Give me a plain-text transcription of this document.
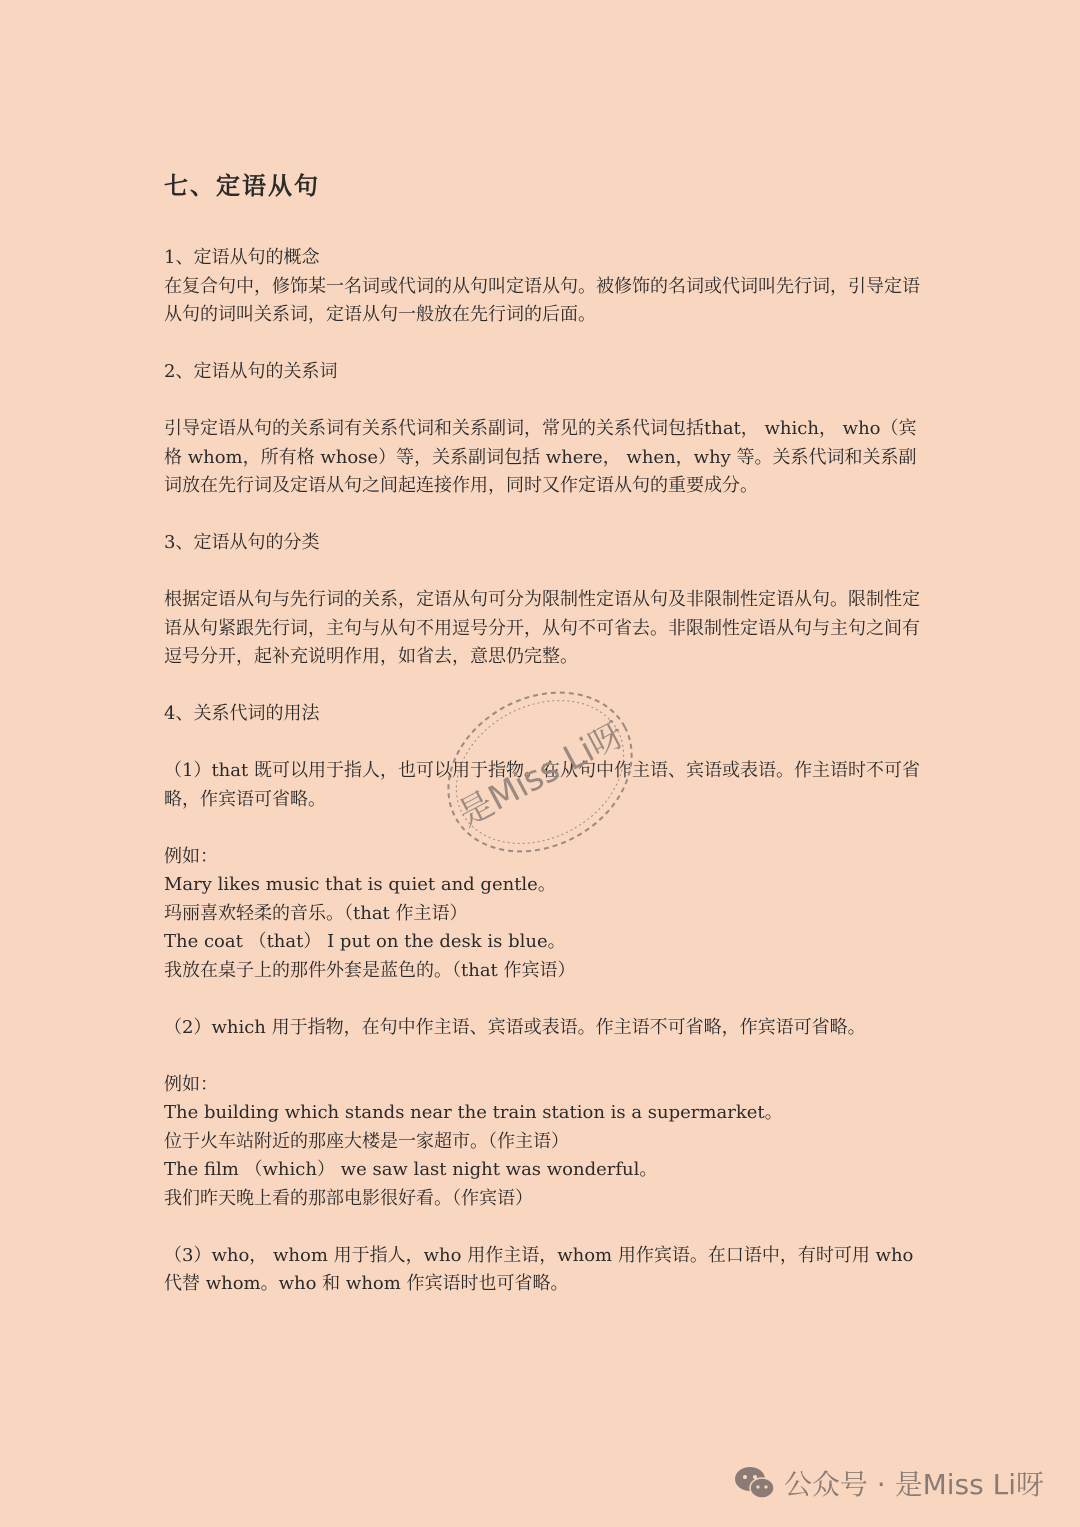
七、定语从句
1、定语从句的概念

在复合句中，修饰某一名词或代词的从句叫定语从句。被修饰的名词或代词叫先行词，引导定语从句的词叫关系词，定语从句一般放在先行词的后面。

2、定语从句的关系词

引导定语从句的关系词有关系代词和关系副词，常见的关系代词包括that， which， who（宾格 whom，所有格 whose）等，关系副词包括 where， when，why 等。关系代词和关系副词放在先行词及定语从句之间起连接作用，同时又作定语从句的重要成分。

3、定语从句的分类

根据定语从句与先行词的关系，定语从句可分为限制性定语从句及非限制性定语从句。限制性定语从句紧跟先行词，主句与从句不用逗号分开，从句不可省去。非限制性定语从句与主句之间有逗号分开，起补充说明作用，如省去，意思仍完整。

4、关系代词的用法

（1）that 既可以用于指人，也可以用于指物。在从句中作主语、宾语或表语。作主语时不可省略，作宾语可省略。

例如：

Mary likes music that is quiet and gentle。

玛丽喜欢轻柔的音乐。（that 作主语）

The coat （that） I put on the desk is blue。

我放在桌子上的那件外套是蓝色的。（that 作宾语）

（2）which 用于指物，在句中作主语、宾语或表语。作主语不可省略，作宾语可省略。

例如：

The building which stands near the train station is a supermarket。

位于火车站附近的那座大楼是一家超市。（作主语）

The film （which） we saw last night was wonderful。

我们昨天晚上看的那部电影很好看。（作宾语）

（3）who， whom 用于指人，who 用作主语，whom 用作宾语。在口语中，有时可用 who 代替 whom。who 和 whom 作宾语时也可省略。

是Miss Li呀
公众号 · 是Miss Li呀
